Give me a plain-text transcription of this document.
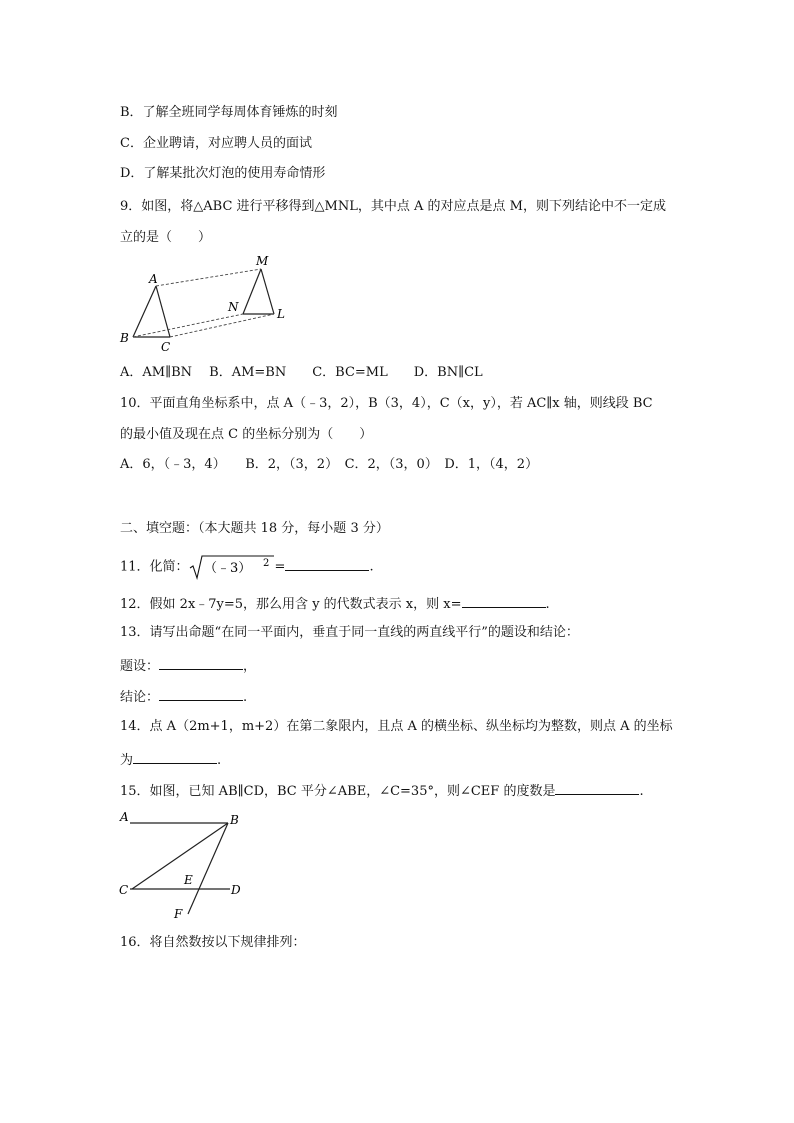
B．了解全班同学每周体育锤炼的时刻
C．企业聘请，对应聘人员的面试
D．了解某批次灯泡的使用寿命情形
9．如图，将△ABC 进行平移得到△MNL，其中点 A 的对应点是点 M，则下列结论中不一定成
立的是（　　）
A
B
C
M
N	L
A．AM∥BN　 B．AM=BN　　C．BC=ML　　D．BN∥CL
10．平面直角坐标系中，点 A（﹣3，2），B（3，4），C（x，y），若 AC∥x 轴，则线段 BC
的最小值及现在点 C 的坐标分别为（　　）
A．6，（﹣3，4）　　B．2，（3，2）　C．2，（3，0）　D．1，（4，2）
二、填空题：（本大题共 18 分，每小题 3 分）
11．化简： （﹣3） 2 =	.
12．假如 2x﹣7y=5，那么用含 y 的代数式表示 x，则 x=	.
13．请写出命题“在同一平面内，垂直于同一直线的两直线平行”的题设和结论：
题设：	，
结论：	.
14．点 A（2m+1，m+2）在第二象限内，且点 A 的横坐标、纵坐标均为整数，则点 A 的坐标
为	.
15．如图，已知 AB∥CD，BC 平分∠ABE，∠C=35°，则∠CEF 的度数是	.
A	B
C	D
E
F
16．将自然数按以下规律排列：
